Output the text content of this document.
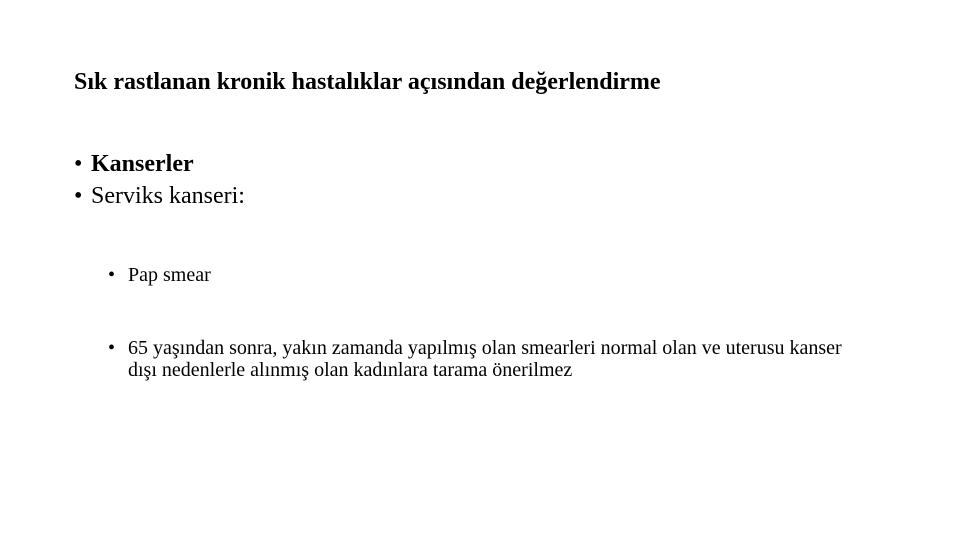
Sık rastlanan kronik hastalıklar açısından değerlendirme
• Kanserler
• Serviks kanseri:
• Pap smear
• 65 yaşından sonra, yakın zamanda yapılmış olan smearleri normal olan ve uterusu kanser dışı nedenlerle alınmış olan kadınlara tarama önerilmez
